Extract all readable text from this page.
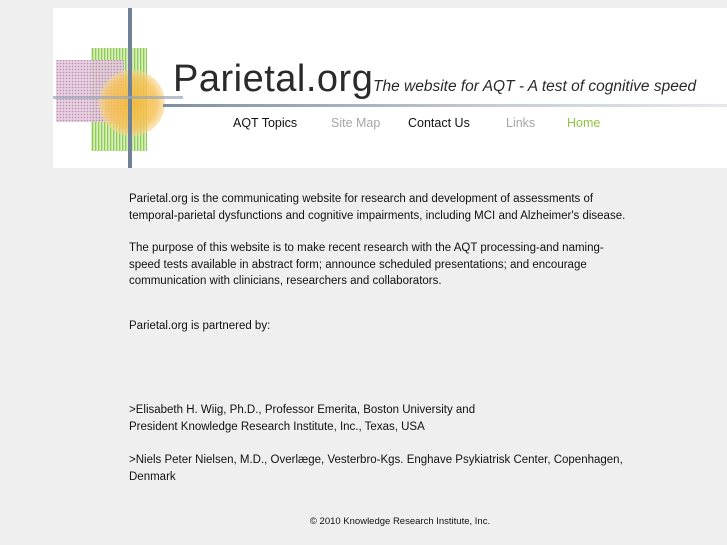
Parietal.org The website for AQT - A test of cognitive speed
AQT Topics	Site Map Contact Us	Links	Home

Parietal.org is the communicating website for research and development of assessments of
temporal-parietal dysfunctions and cognitive impairments, including MCI and Alzheimer's disease.

The purpose of this website is to make recent research with the AQT processing-and naming-
speed tests available in abstract form; announce scheduled presentations; and encourage
communication with clinicians, researchers and collaborators.

Parietal.org is partnered by:

>Elisabeth H. Wiig, Ph.D., Professor Emerita, Boston University and
President Knowledge Research Institute, Inc., Texas, USA

>Niels Peter Nielsen, M.D., Overlæge, Vesterbro-Kgs. Enghave Psykiatrisk Center, Copenhagen,
Denmark

© 2010 Knowledge Research Institute, Inc.
